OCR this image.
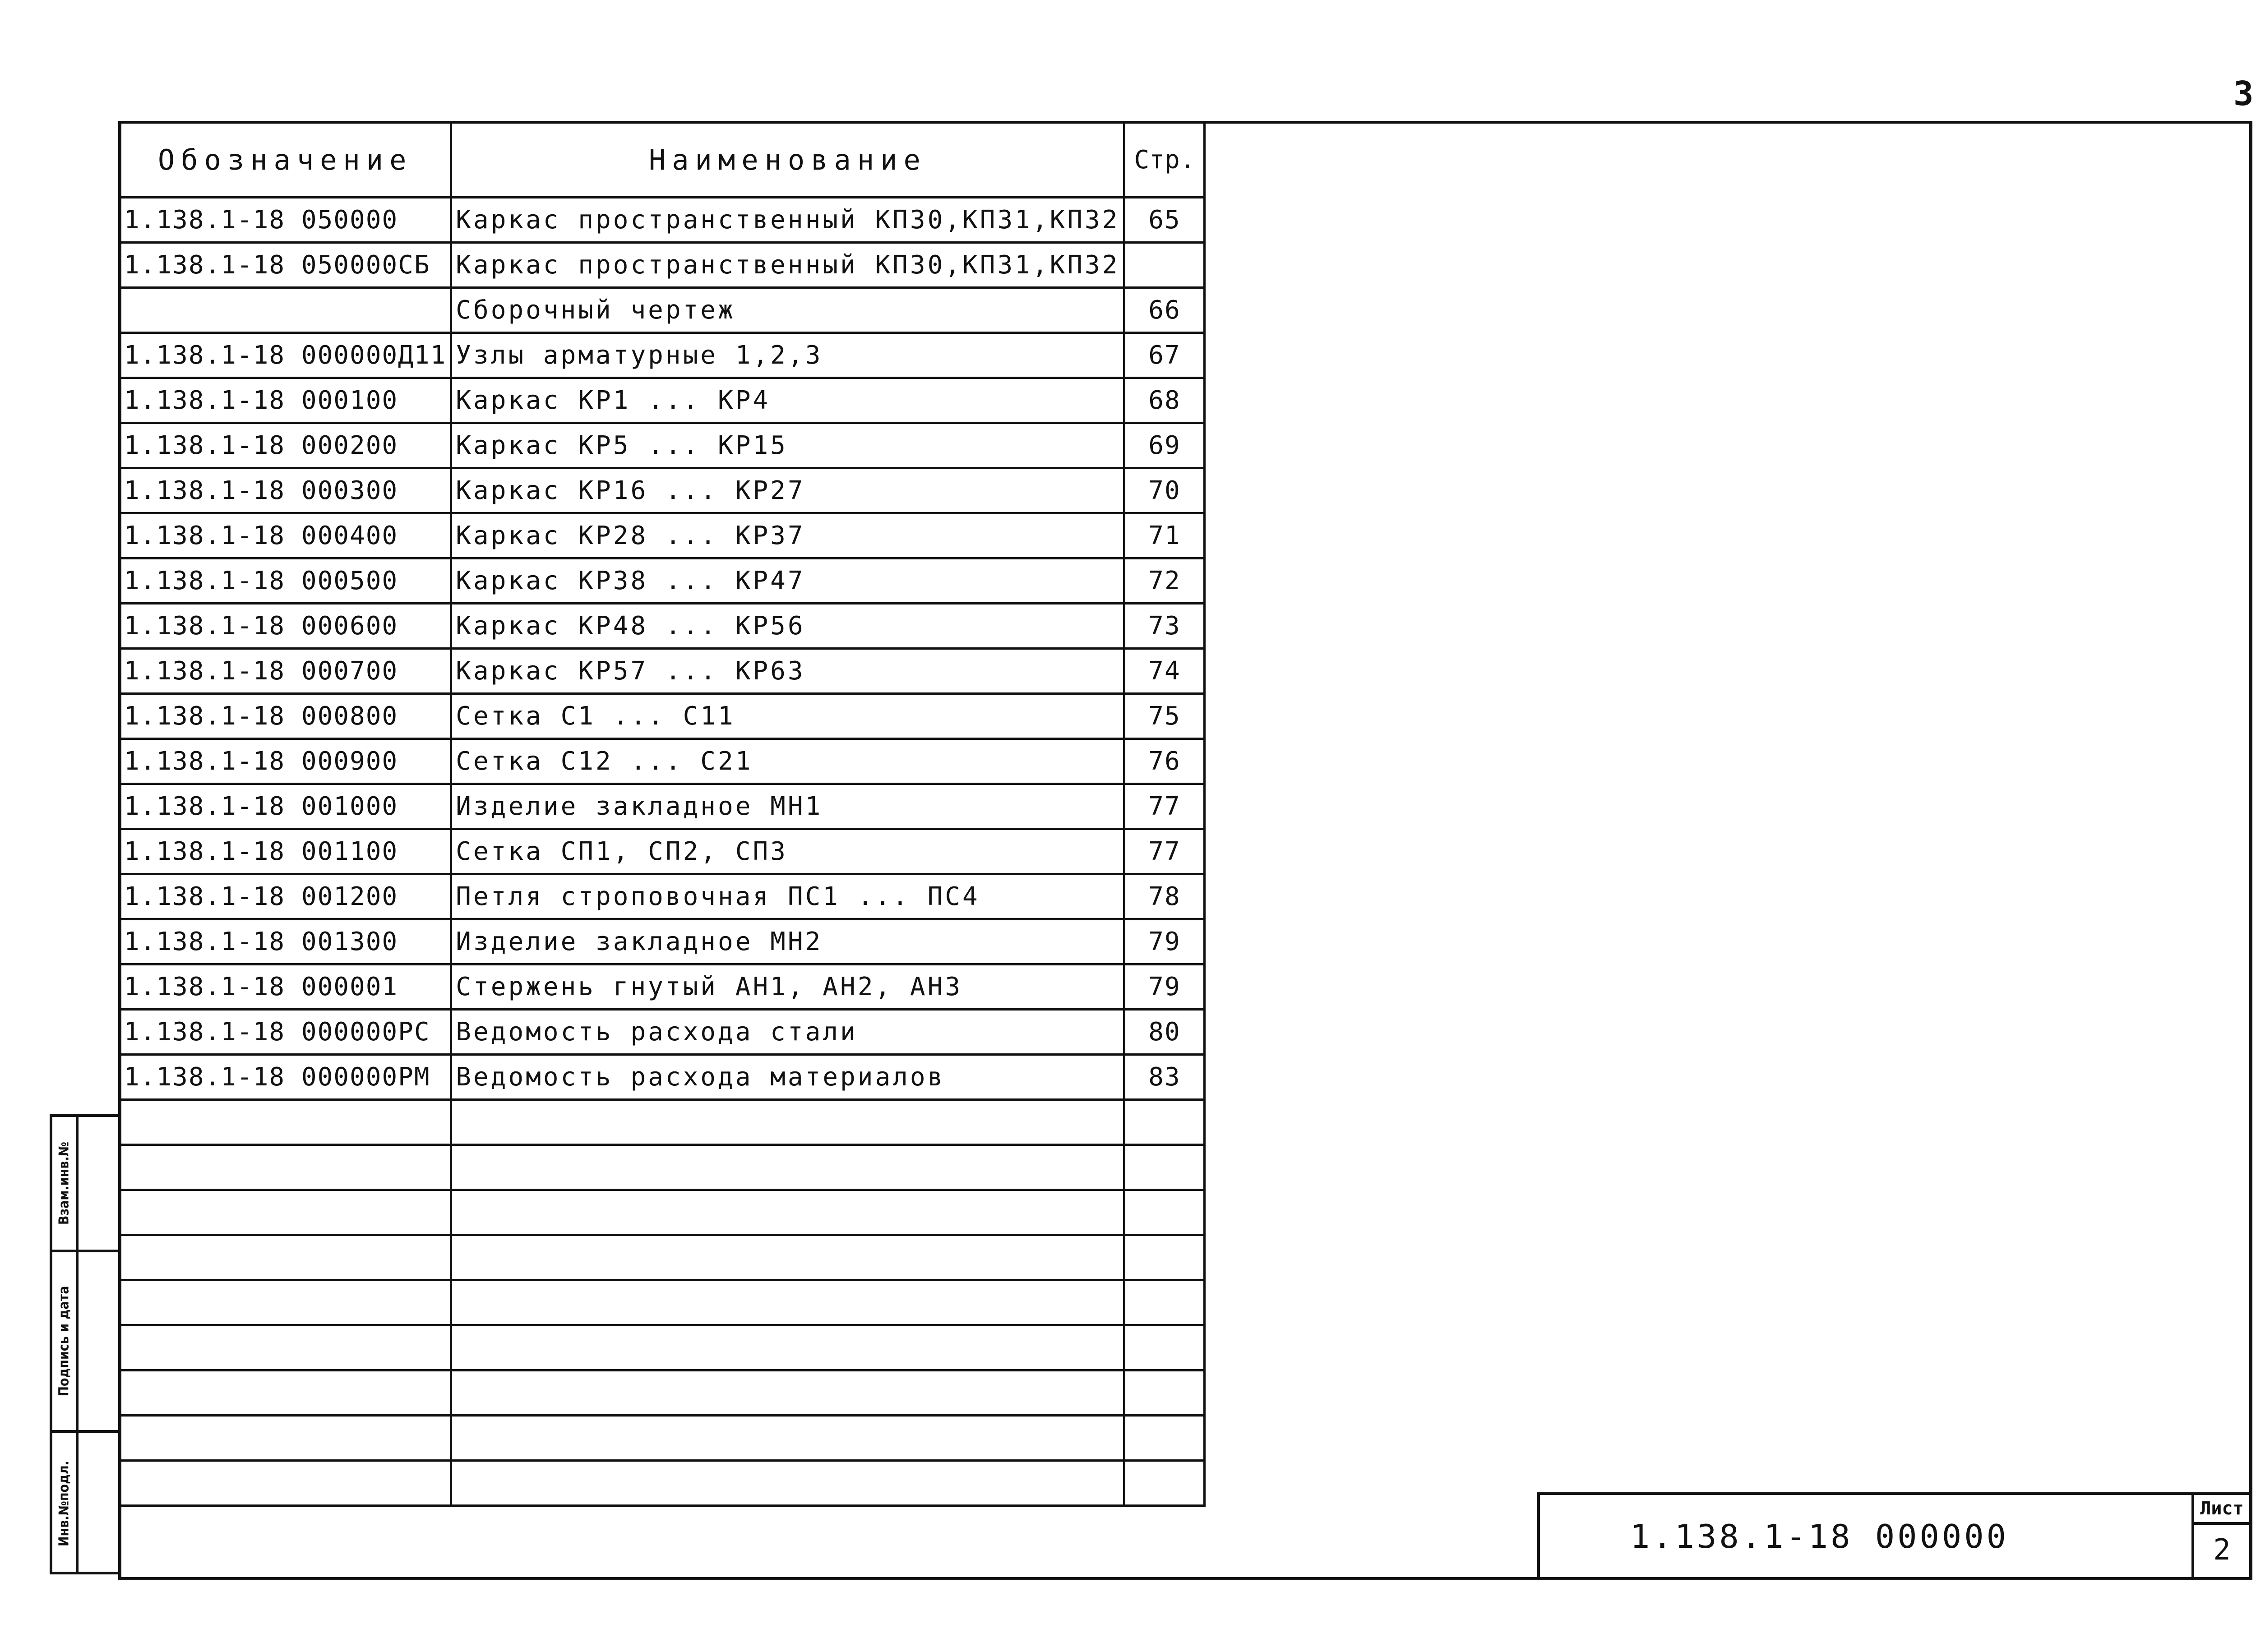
3
Взам.инв.№
Подпись и дата
Инв.№подл.
Обозначение	Наименование	Стр.
1.138.1-18 050000	Каркас пространственный КП30,КП31,КП32	65
1.138.1-18 050000СБ	Каркас пространственный КП30,КП31,КП32	
	Сборочный чертеж	66
1.138.1-18 000000Д11	Узлы арматурные 1,2,3	67
1.138.1-18 000100	Каркас КР1 ... КР4	68
1.138.1-18 000200	Каркас КР5 ... КР15	69
1.138.1-18 000300	Каркас КР16 ... КР27	70
1.138.1-18 000400	Каркас КР28 ... КР37	71
1.138.1-18 000500	Каркас КР38 ... КР47	72
1.138.1-18 000600	Каркас КР48 ... КР56	73
1.138.1-18 000700	Каркас КР57 ... КР63	74
1.138.1-18 000800	Сетка С1 ... С11	75
1.138.1-18 000900	Сетка С12 ... С21	76
1.138.1-18 001000	Изделие закладное МН1	77
1.138.1-18 001100	Сетка СП1, СП2, СП3	77
1.138.1-18 001200	Петля строповочная ПС1 ... ПС4	78
1.138.1-18 001300	Изделие закладное МН2	79
1.138.1-18 000001	Стержень гнутый АН1, АН2, АН3	79
1.138.1-18 000000РС	Ведомость расхода стали	80
1.138.1-18 000000РМ	Ведомость расхода материалов	83

1.138.1-18 000000
Лист
2
